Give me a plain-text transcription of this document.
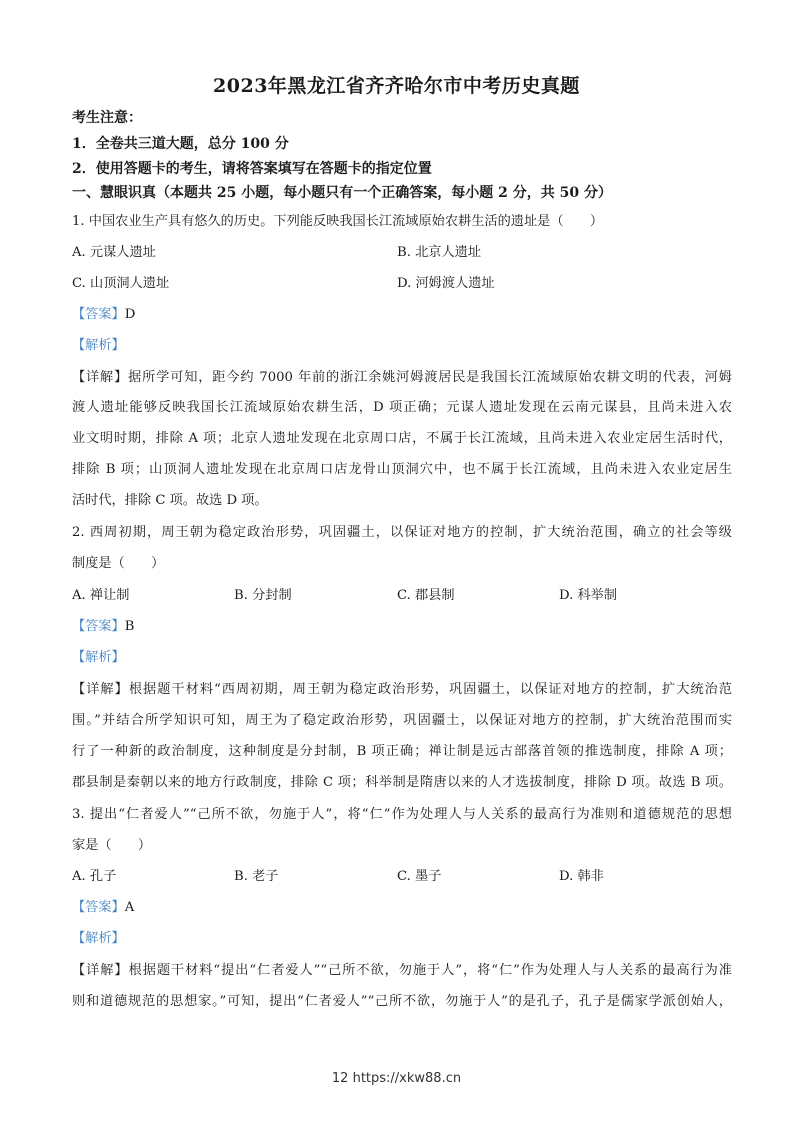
2023年黑龙江省齐齐哈尔市中考历史真题
考生注意：
1．全卷共三道大题，总分 100 分
2．使用答题卡的考生，请将答案填写在答题卡的指定位置
一、慧眼识真（本题共 25 小题，每小题只有一个正确答案，每小题 2 分，共 50 分）
1. 中国农业生产具有悠久的历史。下列能反映我国长江流域原始农耕生活的遗址是（　　）
A. 元谋人遗址	B. 北京人遗址
C. 山顶洞人遗址	D. 河姆渡人遗址
【答案】D
【解析】
【详解】据所学可知，距今约 7000 年前的浙江余姚河姆渡居民是我国长江流域原始农耕文明的代表，河姆
渡人遗址能够反映我国长江流域原始农耕生活，D 项正确；元谋人遗址发现在云南元谋县，且尚未进入农
业文明时期，排除 A 项；北京人遗址发现在北京周口店，不属于长江流域，且尚未进入农业定居生活时代，
排除 B 项；山顶洞人遗址发现在北京周口店龙骨山顶洞穴中，也不属于长江流域，且尚未进入农业定居生
活时代，排除 C 项。故选 D 项。
2. 西周初期，周王朝为稳定政治形势，巩固疆土，以保证对地方的控制，扩大统治范围，确立的社会等级
制度是（　　）
A. 禅让制	B. 分封制	C. 郡县制	D. 科举制
【答案】B
【解析】
【详解】根据题干材料“西周初期，周王朝为稳定政治形势，巩固疆土，以保证对地方的控制，扩大统治范
围。”并结合所学知识可知，周王为了稳定政治形势，巩固疆土，以保证对地方的控制，扩大统治范围而实
行了一种新的政治制度，这种制度是分封制，B 项正确；禅让制是远古部落首领的推选制度，排除 A 项；
郡县制是秦朝以来的地方行政制度，排除 C 项；科举制是隋唐以来的人才选拔制度，排除 D 项。故选 B 项。
3. 提出“仁者爱人”“己所不欲，勿施于人”，将“仁”作为处理人与人关系的最高行为准则和道德规范的思想
家是（　　）
A. 孔子	B. 老子	C. 墨子	D. 韩非
【答案】A
【解析】
【详解】根据题干材料“提出“仁者爱人”“己所不欲，勿施于人”，将“仁”作为处理人与人关系的最高行为准
则和道德规范的思想家。”可知，提出“仁者爱人”“己所不欲，勿施于人”的是孔子，孔子是儒家学派创始人，
12 https://xkw88.cn
